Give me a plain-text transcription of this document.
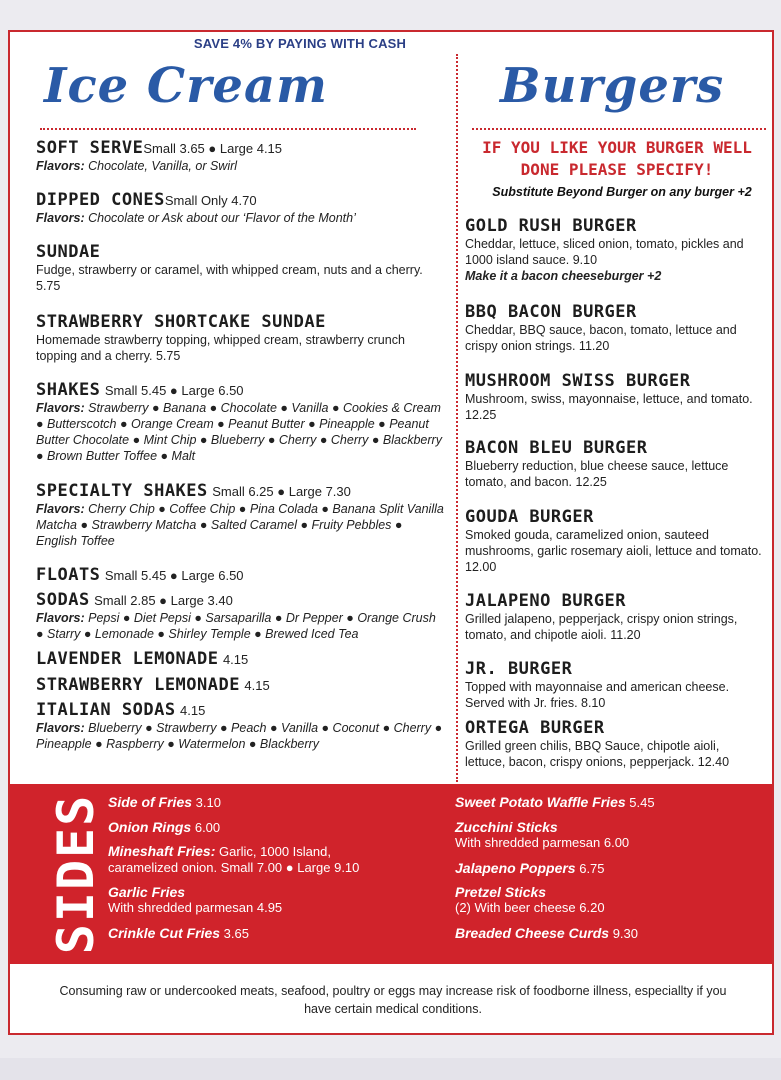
SAVE 4% BY PAYING WITH CASH
Ice Cream	Burgers
IF YOU LIKE YOUR BURGER WELL DONE PLEASE SPECIFY!
Substitute Beyond Burger on any burger +2
SOFT SERVESmall 3.65 ● Large 4.15
Flavors: Chocolate, Vanilla, or Swirl
DIPPED CONESSmall Only 4.70
Flavors: Chocolate or Ask about our ‘Flavor of the Month’
SUNDAE
Fudge, strawberry or caramel, with whipped cream, nuts and a cherry. 5.75
STRAWBERRY SHORTCAKE SUNDAE
Homemade strawberry topping, whipped cream, strawberry crunch topping and a cherry. 5.75
SHAKES Small 5.45 ● Large 6.50
Flavors: Strawberry ● Banana ● Chocolate ● Vanilla ● Cookies & Cream ● Butterscotch ● Orange Cream ● Peanut Butter ● Pineapple ● Peanut Butter Chocolate ● Mint Chip ● Blueberry ● Cherry ● Cherry ● Blackberry ● Brown Butter Toffee ● Malt
SPECIALTY SHAKES Small 6.25 ● Large 7.30
Flavors: Cherry Chip ● Coffee Chip ● Pina Colada ● Banana Split Vanilla Matcha ● Strawberry Matcha ● Salted Caramel ● Fruity Pebbles ● English Toffee
FLOATS Small 5.45 ● Large 6.50
SODAS Small 2.85 ● Large 3.40
Flavors: Pepsi ● Diet Pepsi ● Sarsaparilla ● Dr Pepper ● Orange Crush ● Starry ● Lemonade ● Shirley Temple ● Brewed Iced Tea
LAVENDER LEMONADE 4.15
STRAWBERRY LEMONADE 4.15
ITALIAN SODAS 4.15
Flavors: Blueberry ● Strawberry ● Peach ● Vanilla ● Coconut ● Cherry ● Pineapple ● Raspberry ● Watermelon ● Blackberry
GOLD RUSH BURGER
Cheddar, lettuce, sliced onion, tomato, pickles and 1000 island sauce. 9.10
Make it a bacon cheeseburger +2
BBQ BACON BURGER
Cheddar, BBQ sauce, bacon, tomato, lettuce and crispy onion strings. 11.20
MUSHROOM SWISS BURGER
Mushroom, swiss, mayonnaise, lettuce, and tomato. 12.25
BACON BLEU BURGER
Blueberry reduction, blue cheese sauce, lettuce tomato, and bacon. 12.25
GOUDA BURGER
Smoked gouda, caramelized onion, sauteed mushrooms, garlic rosemary aioli, lettuce and tomato. 12.00
JALAPENO BURGER
Grilled jalapeno, pepperjack, crispy onion strings, tomato, and chipotle aioli. 11.20
JR. BURGER
Topped with mayonnaise and american cheese. Served with Jr. fries. 8.10
ORTEGA BURGER
Grilled green chilis, BBQ Sauce, chipotle aioli, lettuce, bacon, crispy onions, pepperjack. 12.40
SIDES Side of Fries 3.10
Onion Rings 6.00
Mineshaft Fries: Garlic, 1000 Island, caramelized onion. Small 7.00 ● Large 9.10
Garlic Fries
With shredded parmesan 4.95
Crinkle Cut Fries 3.65
Sweet Potato Waffle Fries 5.45
Zucchini Sticks
With shredded parmesan 6.00
Jalapeno Poppers 6.75
Pretzel Sticks
(2) With beer cheese 6.20
Breaded Cheese Curds 9.30
Consuming raw or undercooked meats, seafood, poultry or eggs may increase risk of foodborne illness, especiallty if you have certain medical conditions.
